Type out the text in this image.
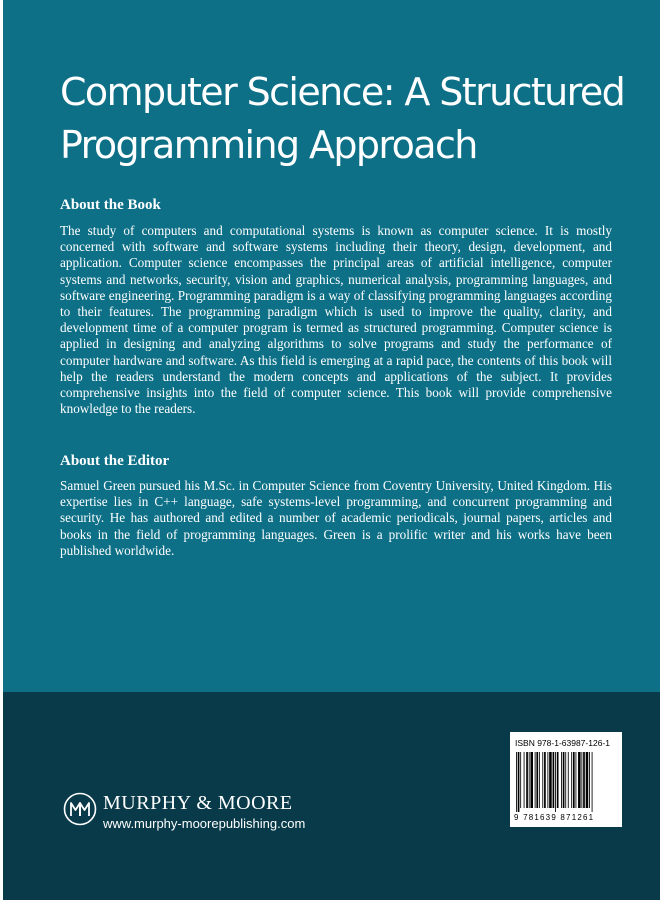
Computer Science: A Structured
Programming Approach
About the Book

The study of computers and computational systems is known as computer science. It is mostly concerned with software and software systems including their theory, design, development, and application. Computer science encompasses the principal areas of artificial intelligence, computer systems and networks, security, vision and graphics, numerical analysis, programming languages, and software engineering. Programming paradigm is a way of classifying programming languages according to their features. The programming paradigm which is used to improve the quality, clarity, and development time of a computer program is termed as structured programming. Computer science is applied in designing and analyzing algorithms to solve programs and study the performance of computer hardware and software. As this field is emerging at a rapid pace, the contents of this book will help the readers understand the modern concepts and applications of the subject. It provides comprehensive insights into the field of computer science. This book will provide comprehensive knowledge to the readers.

About the Editor

Samuel Green pursued his M.Sc. in Computer Science from Coventry University, United Kingdom. His expertise lies in C++ language, safe systems-level programming, and concurrent programming and security. He has authored and edited a number of academic periodicals, journal papers, articles and books in the field of programming languages. Green is a prolific writer and his works have been published worldwide.

MURPHY & MOORE

www.murphy-moorepublishing.com

ISBN 978-1-63987-126-1

9 781639 871261
